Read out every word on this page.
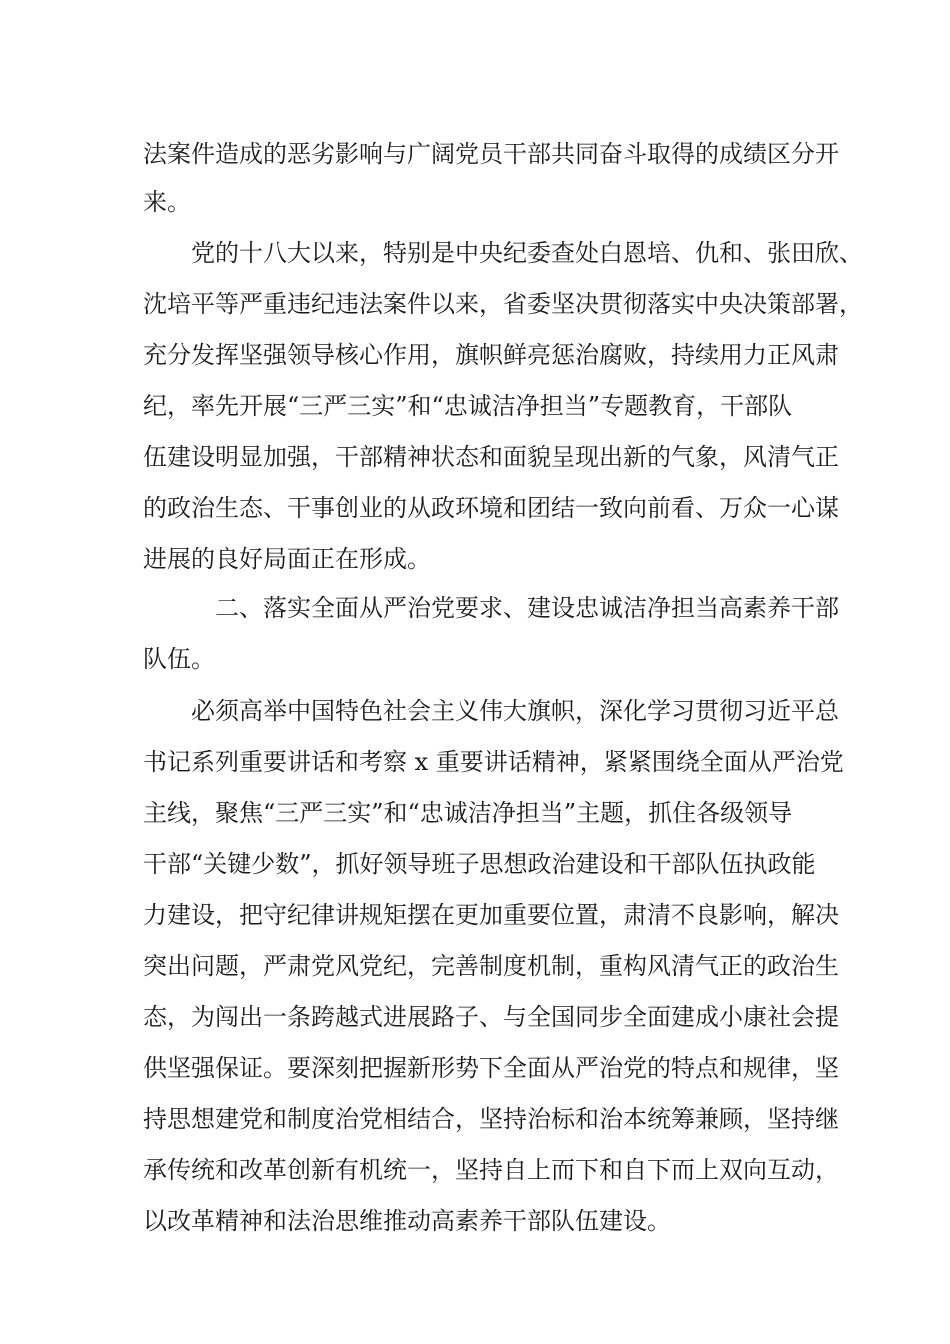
法案件造成的恶劣影响与广阔党员干部共同奋斗取得的成绩区分开
来。
党的十八大以来，特别是中央纪委查处白恩培、仇和、张田欣、
沈培平等严重违纪违法案件以来，省委坚决贯彻落实中央决策部署，
充分发挥坚强领导核心作用，旗帜鲜亮惩治腐败，持续用力正风肃
纪，率先开展“三严三实”和“忠诚洁净担当”专题教育，干部队
伍建设明显加强，干部精神状态和面貌呈现出新的气象，风清气正
的政治生态、干事创业的从政环境和团结一致向前看、万众一心谋
进展的良好局面正在形成。
二、落实全面从严治党要求、建设忠诚洁净担当高素养干部
队伍。
必须高举中国特色社会主义伟大旗帜，深化学习贯彻习近平总
书记系列重要讲话和考察 x 重要讲话精神，紧紧围绕全面从严治党
主线，聚焦“三严三实”和“忠诚洁净担当”主题，抓住各级领导
干部“关键少数”，抓好领导班子思想政治建设和干部队伍执政能
力建设，把守纪律讲规矩摆在更加重要位置，肃清不良影响，解决
突出问题，严肃党风党纪，完善制度机制，重构风清气正的政治生
态，为闯出一条跨越式进展路子、与全国同步全面建成小康社会提
供坚强保证。要深刻把握新形势下全面从严治党的特点和规律，坚
持思想建党和制度治党相结合，坚持治标和治本统筹兼顾，坚持继
承传统和改革创新有机统一，坚持自上而下和自下而上双向互动，
以改革精神和法治思维推动高素养干部队伍建设。
